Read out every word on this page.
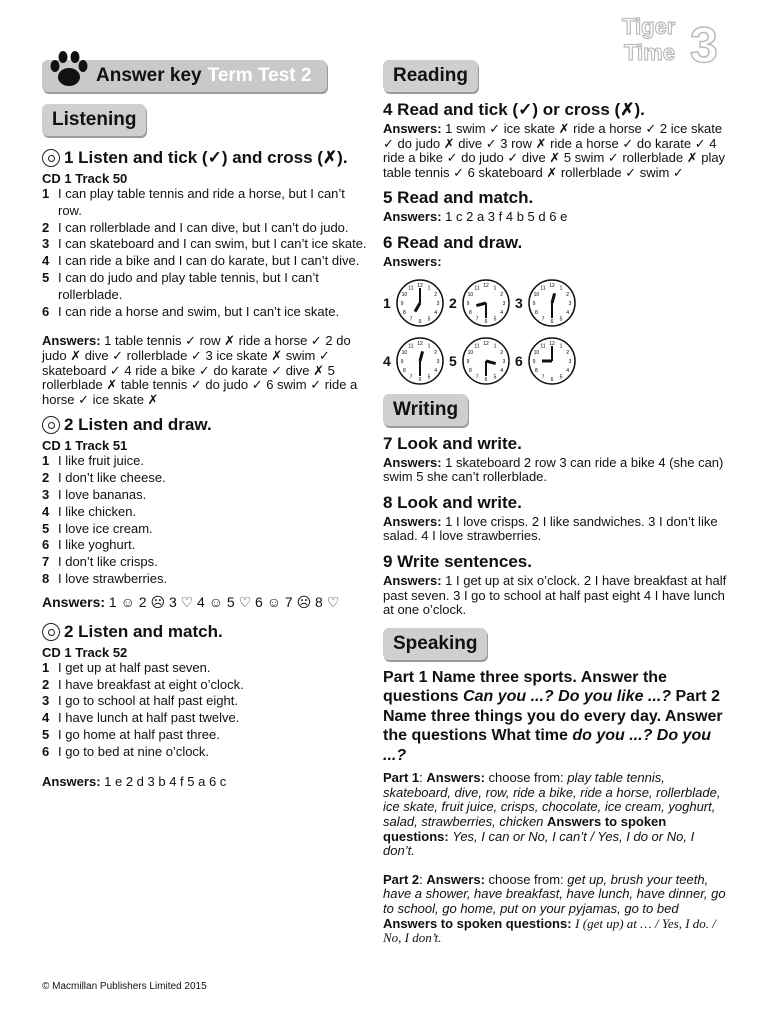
Tiger
Time 3
Answer key Term Test 2
Listening
1 Listen and tick (✓) and cross (✗).
CD 1 Track 50
1 I can play table tennis and ride a horse, but I can’t row.
2 I can rollerblade and I can dive, but I can’t do judo.
3 I can skateboard and I can swim, but I can’t ice skate.
4 I can ride a bike and I can do karate, but I can’t dive.
5 I can do judo and play table tennis, but I can’t rollerblade.
6 I can ride a horse and swim, but I can’t ice skate.
Answers: 1 table tennis ✓ row ✗ ride a horse ✓ 2 do judo ✗ dive ✓ rollerblade ✓ 3 ice skate ✗ swim ✓ skateboard ✓ 4 ride a bike ✓ do karate ✓ dive ✗ 5 rollerblade ✗ table tennis ✓ do judo ✓ 6 swim ✓ ride a horse ✓ ice skate ✗
2 Listen and draw.
CD 1 Track 51
1 I like fruit juice.
2 I don’t like cheese.
3 I love bananas.
4 I like chicken.
5 I love ice cream.
6 I like yoghurt.
7 I don’t like crisps.
8 I love strawberries.
Answers: 1 ☺ 2 ☹ 3 ♡ 4 ☺ 5 ♡ 6 ☺ 7 ☹ 8 ♡
2 Listen and match.
CD 1 Track 52
1 I get up at half past seven.
2 I have breakfast at eight o’clock.
3 I go to school at half past eight.
4 I have lunch at half past twelve.
5 I go home at half past three.
6 I go to bed at nine o’clock.
Answers: 1 e 2 d 3 b 4 f 5 a 6 c
Reading
4 Read and tick (✓) or cross (✗).
Answers: 1 swim ✓ ice skate ✗ ride a horse ✓ 2 ice skate ✓ do judo ✗ dive ✓ 3 row ✗ ride a horse ✓ do karate ✓ 4 ride a bike ✓ do judo ✓ dive ✗ 5 swim ✓ rollerblade ✗ play table tennis ✓ 6 skateboard ✗ rollerblade ✓ swim ✓
5 Read and match.
Answers: 1 c 2 a 3 f 4 b 5 d 6 e
6 Read and draw.
Answers:
1
1
2
3
4
5
6
7
8
9
10
11 12
2
1
2
3
4
5
6
7
8
9
10
11 12
3
1
2
3
4
5
6
7
8
9
10
11 12
4
1
2
3
4
5
6
7
8
9
10
11 12
5
1
2
3
4
5
6
7
8
9
10
11 12
6
1
2
3
4
5
6
7
8
9
10
11 12
Writing
7 Look and write.
Answers: 1 skateboard 2 row 3 can ride a bike 4 (she can) swim 5 she can’t rollerblade.
8 Look and write.
Answers: 1 I love crisps. 2 I like sandwiches. 3 I don’t like salad. 4 I love strawberries.
9 Write sentences.
Answers: 1 I get up at six o’clock. 2 I have breakfast at half past seven. 3 I go to school at half past eight 4 I have lunch at one o’clock.
Speaking
Part 1 Name three sports. Answer the questions Can you ...? Do you like ...? Part 2 Name three things you do every day. Answer the questions What time do you ...? Do you ...?
Part 1: Answers: choose from: play table tennis, skateboard, dive, row, ride a bike, ride a horse, rollerblade, ice skate, fruit juice, crisps, chocolate, ice cream, yoghurt, salad, strawberries, chicken Answers to spoken questions: Yes, I can or No, I can’t / Yes, I do or No, I don’t.
Part 2: Answers: choose from: get up, brush your teeth, have a shower, have breakfast, have lunch, have dinner, go to school, go home, put on your pyjamas, go to bed
Answers to spoken questions: I (get up) at … / Yes, I do. / No, I don’t.
© Macmillan Publishers Limited 2015
